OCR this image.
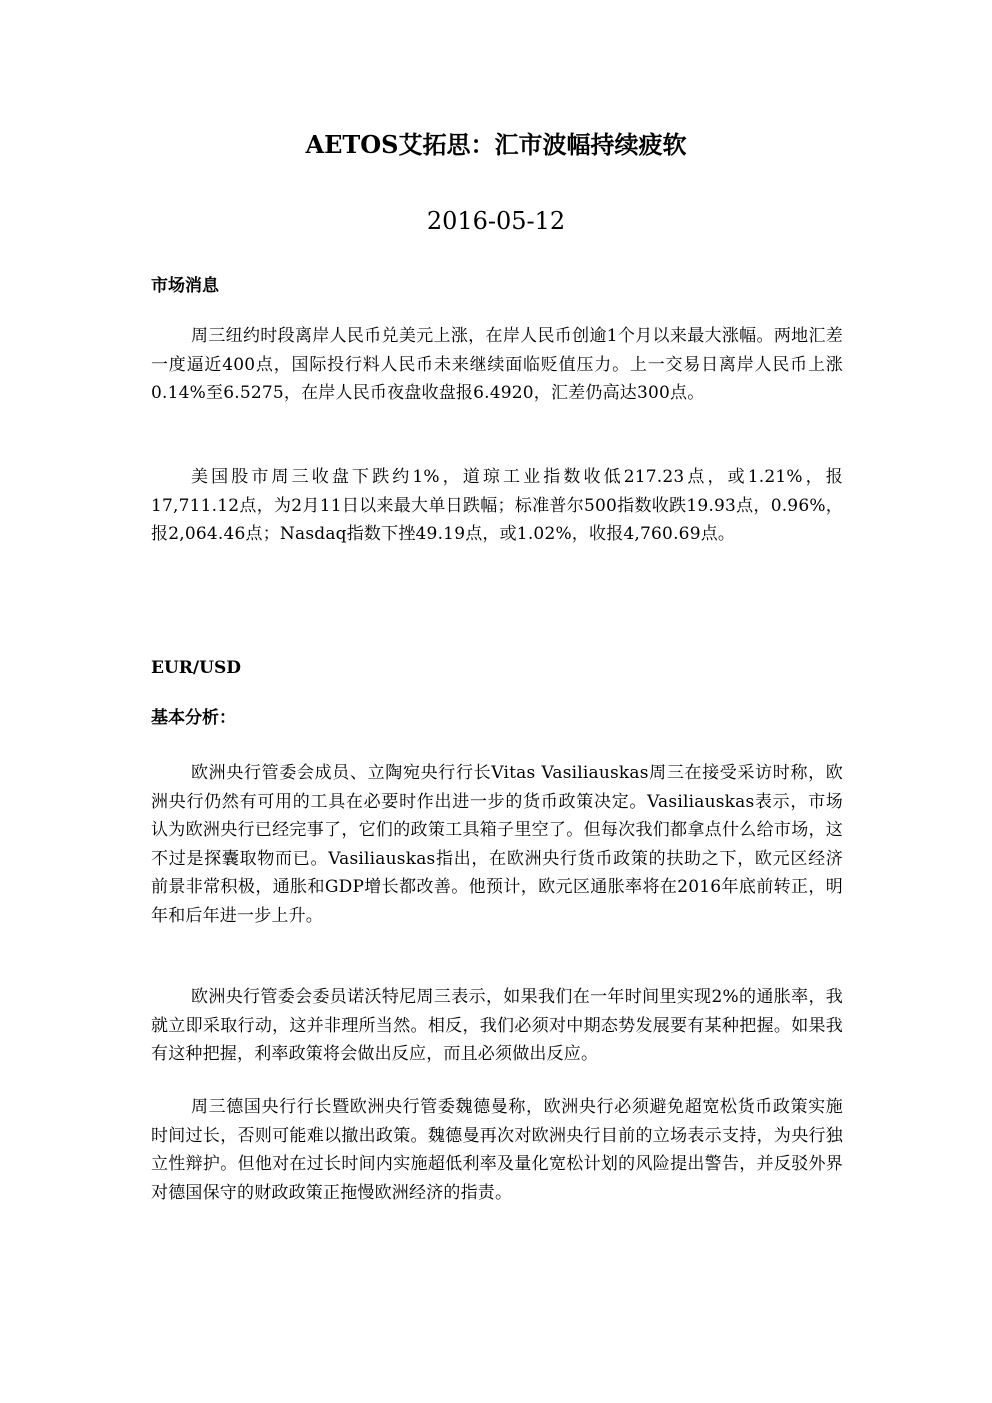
AETOS艾拓思：汇市波幅持续疲软
2016-05-12
市场消息

周三纽约时段离岸人民币兑美元上涨，在岸人民币创逾1个月以来最大涨幅。两地汇差一度逼近400点，国际投行料人民币未来继续面临贬值压力。上一交易日离岸人民币上涨0.14%至6.5275，在岸人民币夜盘收盘报6.4920，汇差仍高达300点。

美国股市周三收盘下跌约1%，道琼工业指数收低217.23点，或1.21%，报17,711.12点，为2月11日以来最大单日跌幅；标准普尔500指数收跌19.93点，0.96%，报2,064.46点；Nasdaq指数下挫49.19点，或1.02%，收报4,760.69点。

EUR/USD
基本分析：

欧洲央行管委会成员、立陶宛央行行长Vitas Vasiliauskas周三在接受采访时称，欧洲央行仍然有可用的工具在必要时作出进一步的货币政策决定。Vasiliauskas表示，市场认为欧洲央行已经完事了，它们的政策工具箱子里空了。但每次我们都拿点什么给市场，这不过是探囊取物而已。Vasiliauskas指出，在欧洲央行货币政策的扶助之下，欧元区经济前景非常积极，通胀和GDP增长都改善。他预计，欧元区通胀率将在2016年底前转正，明年和后年进一步上升。

欧洲央行管委会委员诺沃特尼周三表示，如果我们在一年时间里实现2%的通胀率，我就立即采取行动，这并非理所当然。相反，我们必须对中期态势发展要有某种把握。如果我有这种把握，利率政策将会做出反应，而且必须做出反应。

周三德国央行行长暨欧洲央行管委魏德曼称，欧洲央行必须避免超宽松货币政策实施时间过长，否则可能难以撤出政策。魏德曼再次对欧洲央行目前的立场表示支持，为央行独立性辩护。但他对在过长时间内实施超低利率及量化宽松计划的风险提出警告，并反驳外界对德国保守的财政政策正拖慢欧洲经济的指责。
